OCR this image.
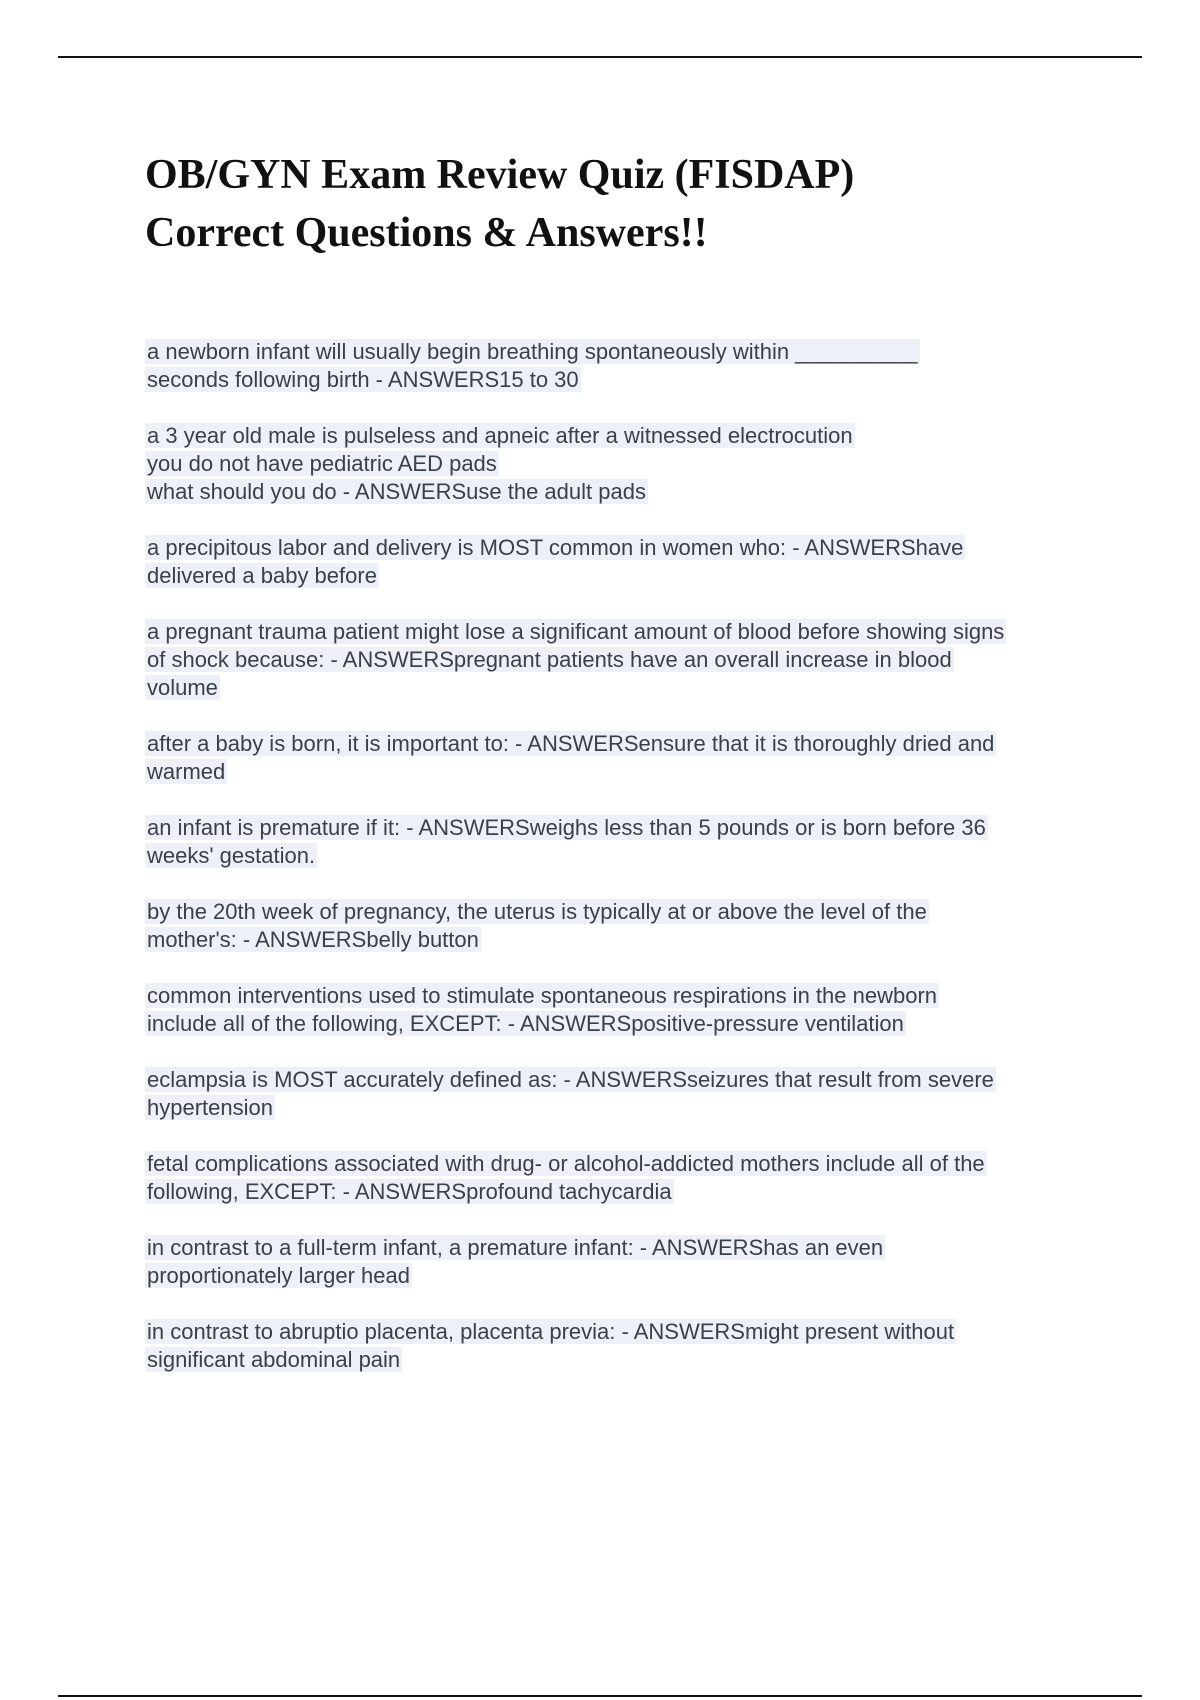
OB/GYN Exam Review Quiz (FISDAP)
Correct Questions & Answers!!
a newborn infant will usually begin breathing spontaneously within __________
seconds following birth - ANSWERS15 to 30
a 3 year old male is pulseless and apneic after a witnessed electrocution
you do not have pediatric AED pads
what should you do - ANSWERSuse the adult pads
a precipitous labor and delivery is MOST common in women who: - ANSWERShave
delivered a baby before
a pregnant trauma patient might lose a significant amount of blood before showing signs
of shock because: - ANSWERSpregnant patients have an overall increase in blood
volume
after a baby is born, it is important to: - ANSWERSensure that it is thoroughly dried and
warmed
an infant is premature if it: - ANSWERSweighs less than 5 pounds or is born before 36
weeks' gestation.
by the 20th week of pregnancy, the uterus is typically at or above the level of the
mother's: - ANSWERSbelly button
common interventions used to stimulate spontaneous respirations in the newborn
include all of the following, EXCEPT: - ANSWERSpositive-pressure ventilation
eclampsia is MOST accurately defined as: - ANSWERSseizures that result from severe
hypertension
fetal complications associated with drug- or alcohol-addicted mothers include all of the
following, EXCEPT: - ANSWERSprofound tachycardia
in contrast to a full-term infant, a premature infant: - ANSWERShas an even
proportionately larger head
in contrast to abruptio placenta, placenta previa: - ANSWERSmight present without
significant abdominal pain
